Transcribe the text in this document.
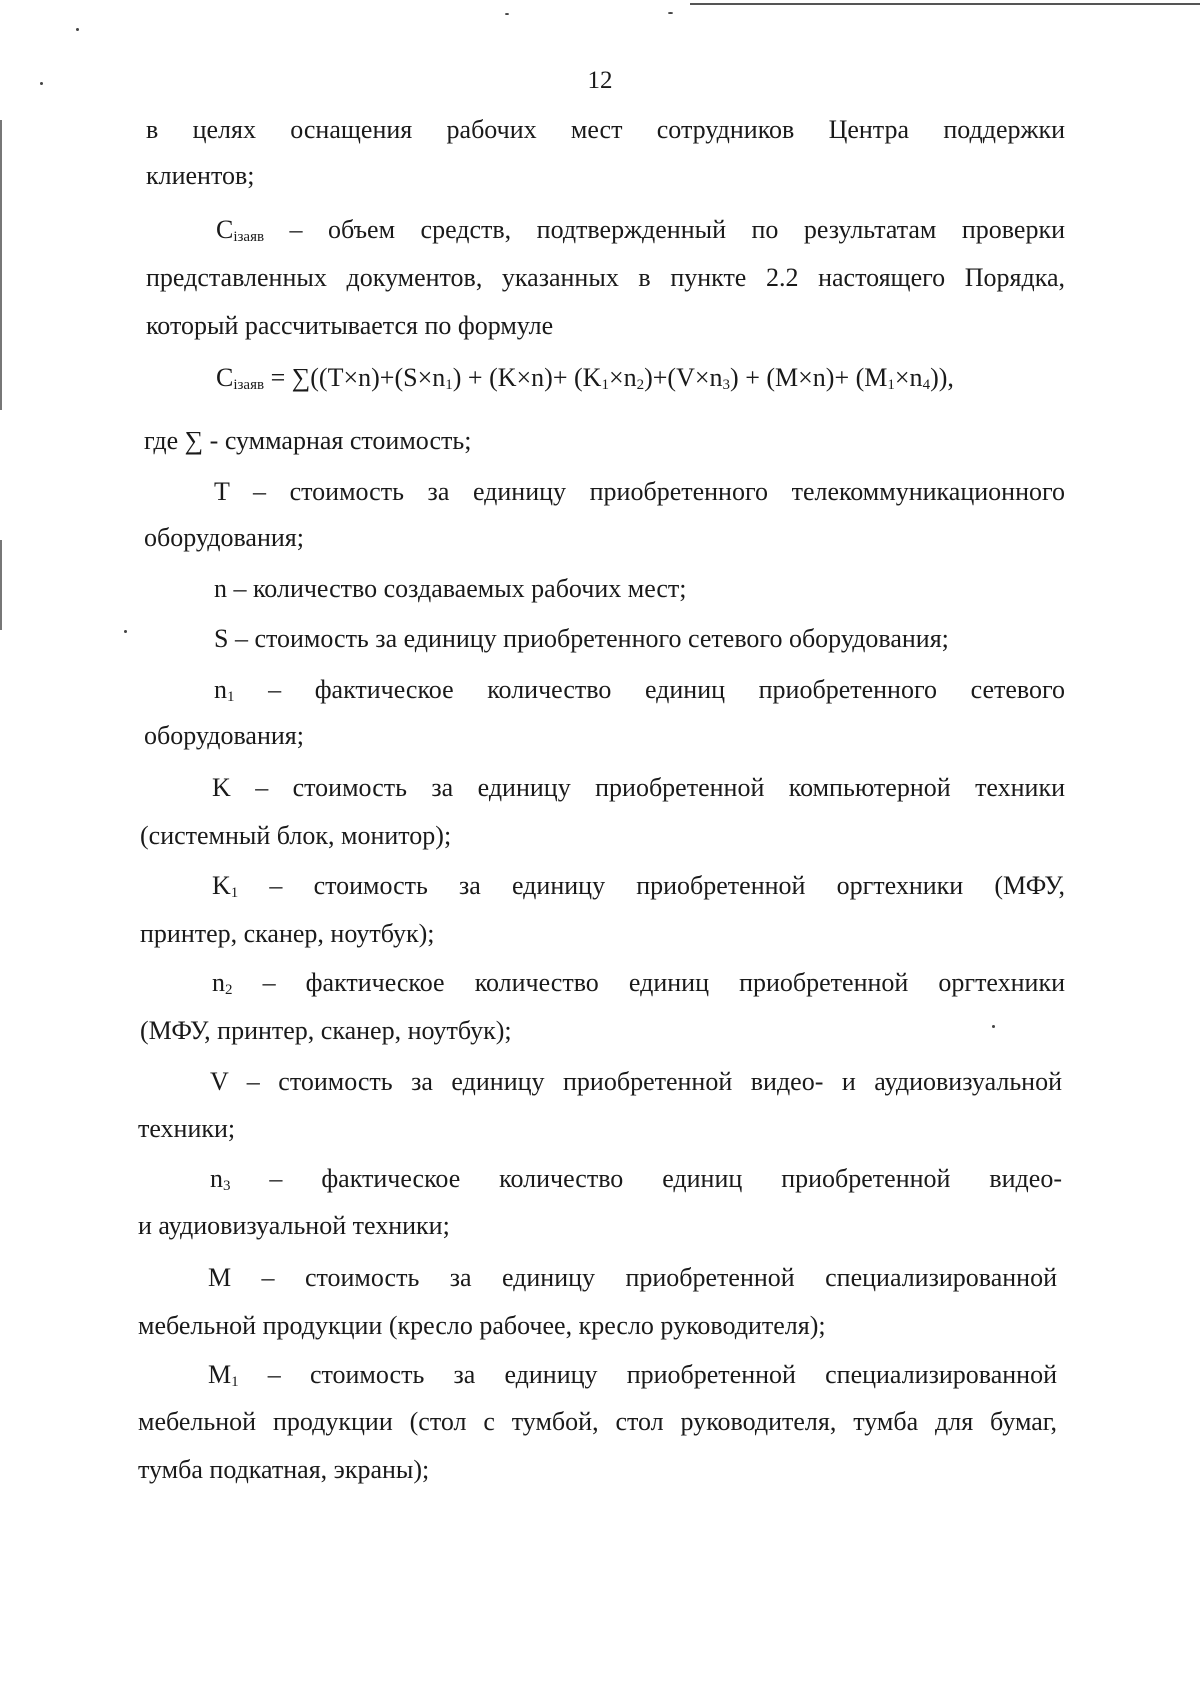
12
в целях оснащения рабочих мест сотрудников Центра поддержки
клиентов;
$C_{iзаяв}$ – объем средств, подтвержденный по результатам проверки
представленных документов, указанных в пункте 2.2 настоящего Порядка,
который рассчитывается по формуле
$C_{iзаяв} = \sum((T\times n)+(S\times n_1) + (K\times n)+ (K_1\times n_2)+(V\times n_3) + (M\times n)+ (M_1\times n_4))$,
где ∑ - суммарная стоимость;
T – стоимость за единицу приобретенного телекоммуникационного
оборудования;
n – количество создаваемых рабочих мест;
S – стоимость за единицу приобретенного сетевого оборудования;
$n_1$ – фактическое количество единиц приобретенного сетевого
оборудования;
K – стоимость за единицу приобретенной компьютерной техники
(системный блок, монитор);
$K_1$ – стоимость за единицу приобретенной оргтехники (МФУ,
принтер, сканер, ноутбук);
$n_2$ – фактическое количество единиц приобретенной оргтехники
(МФУ, принтер, сканер, ноутбук);
V – стоимость за единицу приобретенной видео- и аудиовизуальной
техники;
$n_3$ – фактическое количество единиц приобретенной видео-
и аудиовизуальной техники;
M – стоимость за единицу приобретенной специализированной
мебельной продукции (кресло рабочее, кресло руководителя);
$M_1$ – стоимость за единицу приобретенной специализированной
мебельной продукции (стол с тумбой, стол руководителя, тумба для бумаг,
тумба подкатная, экраны);
